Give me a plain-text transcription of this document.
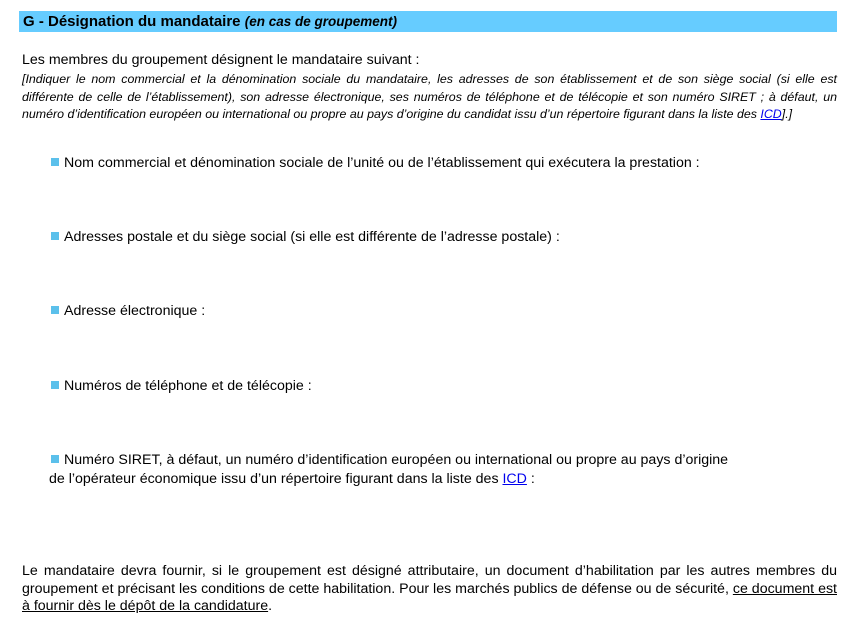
G - Désignation du mandataire (en cas de groupement)
Les membres du groupement désignent le mandataire suivant :
[Indiquer le nom commercial et la dénomination sociale du mandataire, les adresses de son établissement et de son siège social (si elle est différente de celle de l’établissement), son adresse électronique, ses numéros de téléphone et de télécopie et son numéro SIRET ; à défaut, un numéro d’identification européen ou international ou propre au pays d’origine du candidat issu d’un répertoire figurant dans la liste des ICD].]
Nom commercial et dénomination sociale de l’unité ou de l’établissement qui exécutera la prestation :
Adresses postale et du siège social (si elle est différente de l’adresse postale) :
Adresse électronique :
Numéros de téléphone et de télécopie :
Numéro SIRET, à défaut, un numéro d’identification européen ou international ou propre au pays d’origine
de l’opérateur économique issu d’un répertoire figurant dans la liste des ICD :
Le mandataire devra fournir, si le groupement est désigné attributaire, un document d’habilitation par les autres membres du groupement et précisant les conditions de cette habilitation. Pour les marchés publics de défense ou de sécurité, ce document est à fournir dès le dépôt de la candidature.
